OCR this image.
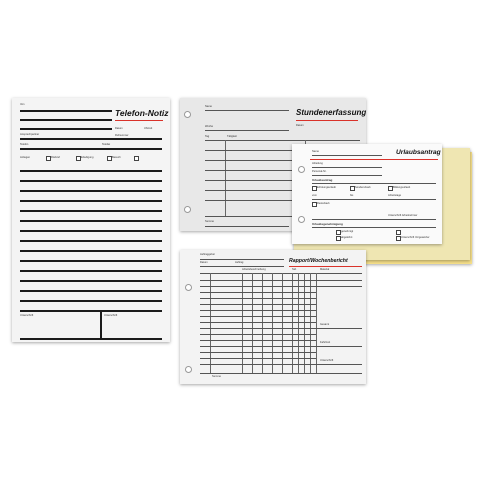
Telefon-Notiz
Von
Datum	Uhrzeit
Ansprechpartner	Rufnummer
Telefon	Telefax
Anliegen	Rückruf	Erledigung	Besuch
Unterschrift	Unterschrift
Stundenerfassung
Name
Woche	Datum
Tag	Tätigkeit
Summe
Urlaubsantrag
Name
Abteilung
Personal-Nr.
Urlaubsantrag
Erholungsurlaub	Sonderurlaub	Bildungsurlaub
vom	bis	Arbeitstage
Resturlaub
Unterschrift Arbeitnehmer
Urlaubsgenehmigung
genehmigt
abgelehnt	Unterschrift Vorgesetzter
Rapport/Wochenbericht
Auftraggeber
Datum	Auftrag
Arbeitsbeschreibung	Std.	Material
Gesamt
Fahrtzeit
Unterschrift
Summe
